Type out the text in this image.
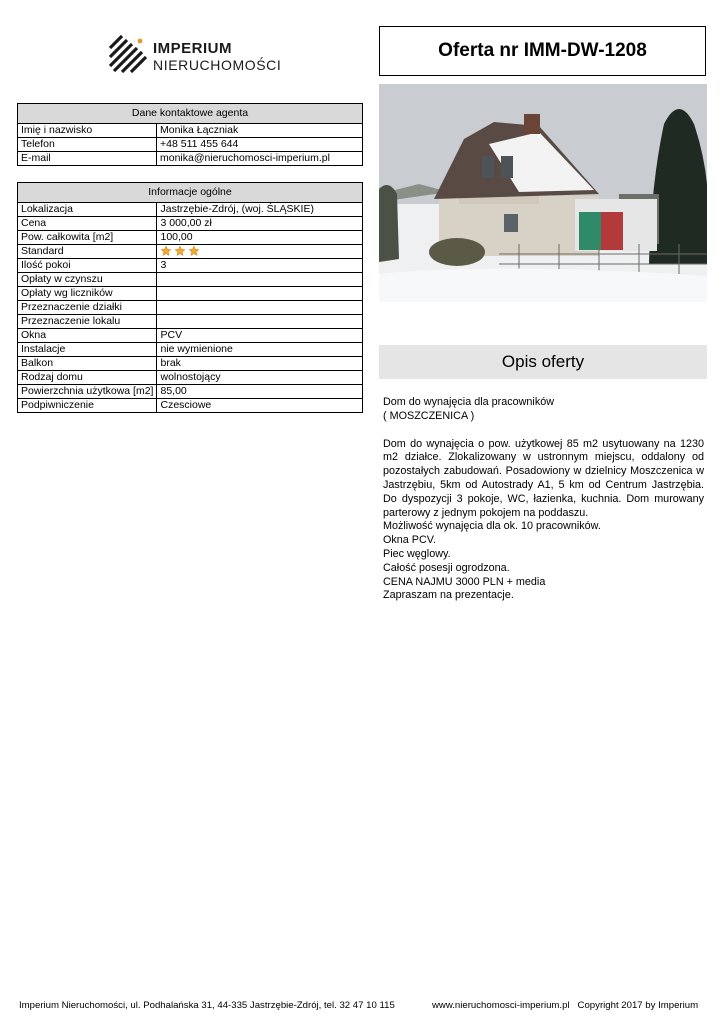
IMPERIUM
NIERUCHOMOŚCI
Oferta nr IMM-DW-1208
Dane kontaktowe agenta	
Imię i nazwisko	Monika Łączniak
Telefon	+48 511 455 644
E-mail	monika@nieruchomosci-imperium.pl
Informacje ogólne	
Lokalizacja	Jastrzębie-Zdrój, (woj. ŚLĄSKIE)
Cena	3 000,00 zł
Pow. całkowita [m2]	100,00
Standard	
Ilość pokoi	3
Opłaty w czynszu	
Opłaty wg liczników	
Przeznaczenie działki	
Przeznaczenie lokalu	
Okna	PCV
Instalacje	nie wymienione
Balkon	brak
Rodzaj domu	wolnostojący
Powierzchnia użytkowa [m2]	85,00
Podpiwniczenie	Czesciowe
Opis oferty

Dom do wynajęcia dla pracowników

( MOSZCZENICA )

Dom do wynajęcia o pow. użytkowej 85 m2 usytuowany na 1230 m2 działce. Zlokalizowany w ustronnym miejscu, oddalony od pozostałych zabudowań. Posadowiony w dzielnicy Moszczenica w Jastrzębiu, 5km od Autostrady A1, 5 km od Centrum Jastrzębia. Do dyspozycji 3 pokoje, WC, łazienka, kuchnia. Dom murowany parterowy z jednym pokojem na poddaszu.

Możliwość wynajęcia dla ok. 10 pracowników.

Okna PCV.

Piec węglowy.

Całość posesji ogrodzona.

CENA NAJMU 3000 PLN + media

Zapraszam na prezentacje.

Imperium Nieruchomości, ul. Podhalańska 31, 44-335 Jastrzębie-Zdrój, tel. 32 47 10 115	www.nieruchomosci-imperium.pl   Copyright 2017 by Imperium
